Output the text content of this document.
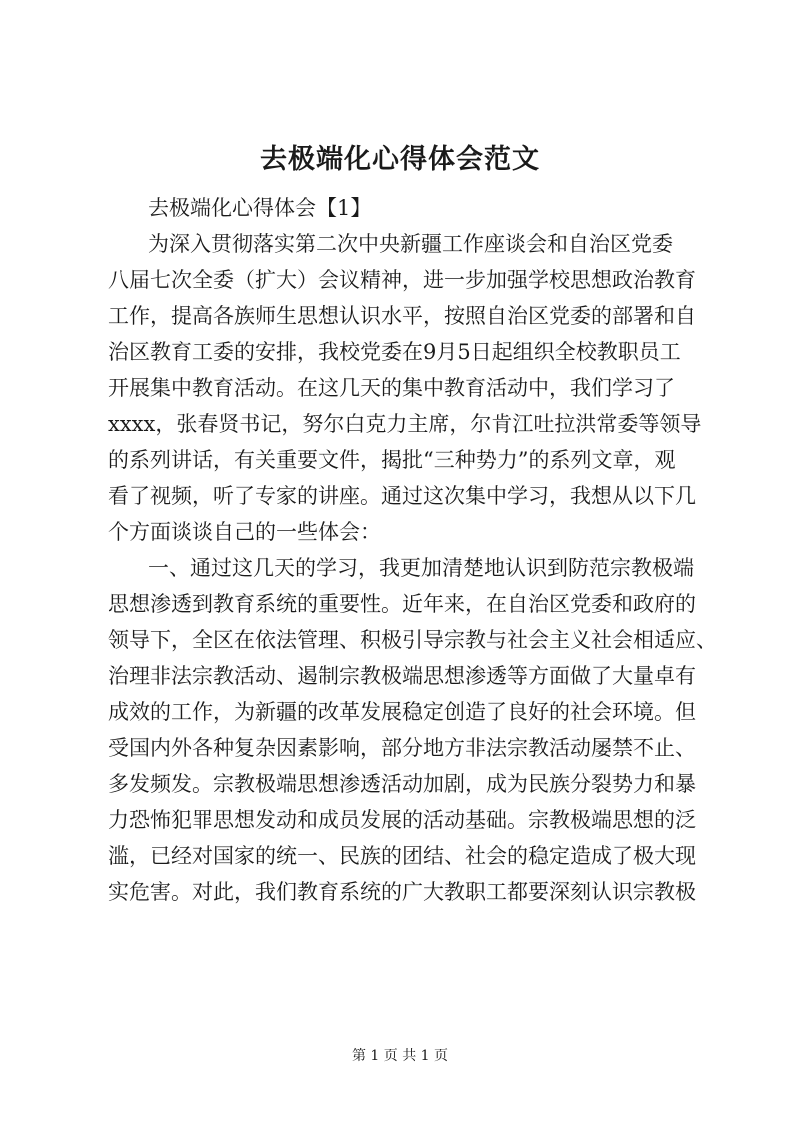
去极端化心得体会范文

去极端化心得体会【1】

为深入贯彻落实第二次中央新疆工作座谈会和自治区党委

八届七次全委（扩大）会议精神，进一步加强学校思想政治教育

工作，提高各族师生思想认识水平，按照自治区党委的部署和自

治区教育工委的安排，我校党委在9月5日起组织全校教职员工

开展集中教育活动。在这几天的集中教育活动中，我们学习了

xxxx，张春贤书记，努尔白克力主席，尔肯江吐拉洪常委等领导

的系列讲话，有关重要文件，揭批“三种势力”的系列文章，观

看了视频，听了专家的讲座。通过这次集中学习，我想从以下几

个方面谈谈自己的一些体会：

一、通过这几天的学习，我更加清楚地认识到防范宗教极端

思想渗透到教育系统的重要性。近年来，在自治区党委和政府的

领导下，全区在依法管理、积极引导宗教与社会主义社会相适应、

治理非法宗教活动、遏制宗教极端思想渗透等方面做了大量卓有

成效的工作，为新疆的改革发展稳定创造了良好的社会环境。但

受国内外各种复杂因素影响，部分地方非法宗教活动屡禁不止、

多发频发。宗教极端思想渗透活动加剧，成为民族分裂势力和暴

力恐怖犯罪思想发动和成员发展的活动基础。宗教极端思想的泛

滥，已经对国家的统一、民族的团结、社会的稳定造成了极大现

实危害。对此，我们教育系统的广大教职工都要深刻认识宗教极

第 1 页 共 1 页
